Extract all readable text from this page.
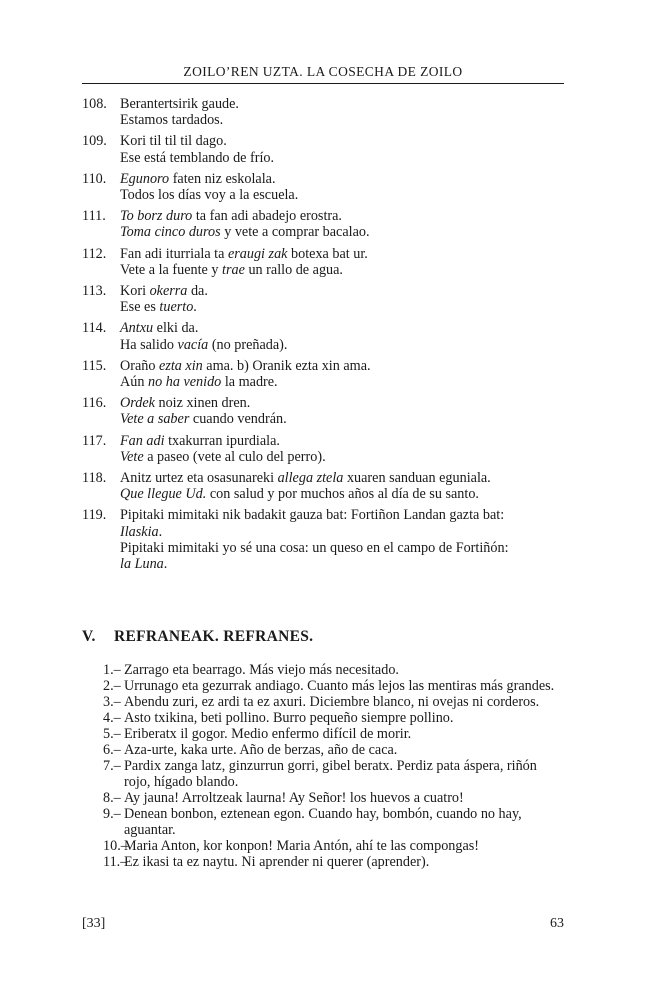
ZOILO’REN UZTA. LA COSECHA DE ZOILO
108. Berantertsirik gaude.
Estamos tardados.
109. Kori til til til dago.
Ese está temblando de frío.
110. Egunoro faten niz eskolala.
Todos los días voy a la escuela.
111. To borz duro ta fan adi abadejo erostra.
Toma cinco duros y vete a comprar bacalao.
112. Fan adi iturriala ta eraugi zak botexa bat ur.
Vete a la fuente y trae un rallo de agua.
113. Kori okerra da.
Ese es tuerto.
114. Antxu elki da.
Ha salido vacía (no preñada).
115. Oraño ezta xin ama. b) Oranik ezta xin ama.
Aún no ha venido la madre.
116. Ordek noiz xinen dren.
Vete a saber cuando vendrán.
117. Fan adi txakurran ipurdiala.
Vete a paseo (vete al culo del perro).
118. Anitz urtez eta osasunareki allega ztela xuaren sanduan eguniala.
Que llegue Ud. con salud y por muchos años al día de su santo.
119. Pipitaki mimitaki nik badakit gauza bat: Fortiñon Landan gazta bat:
Ilaskia.
Pipitaki mimitaki yo sé una cosa: un queso en el campo de Fortiñón:
la Luna.
V. REFRANEAK. REFRANES.
1.– Zarrago eta bearrago. Más viejo más necesitado.
2.– Urrunago eta gezurrak andiago. Cuanto más lejos las mentiras más grandes.
3.– Abendu zuri, ez ardi ta ez axuri. Diciembre blanco, ni ovejas ni corderos.
4.– Asto txikina, beti pollino. Burro pequeño siempre pollino.
5.– Eriberatx il gogor. Medio enfermo difícil de morir.
6.– Aza-urte, kaka urte. Año de berzas, año de caca.
7.– Pardix zanga latz, ginzurrun gorri, gibel beratx. Perdiz pata áspera, riñón rojo, hígado blando.
8.– Ay jauna! Arroltzeak laurna! Ay Señor! los huevos a cuatro!
9.– Denean bonbon, eztenean egon. Cuando hay, bombón, cuando no hay, aguantar.
10.–Maria Anton, kor konpon! Maria Antón, ahí te las compongas!
11.–Ez ikasi ta ez naytu. Ni aprender ni querer (aprender).
[33]	63
